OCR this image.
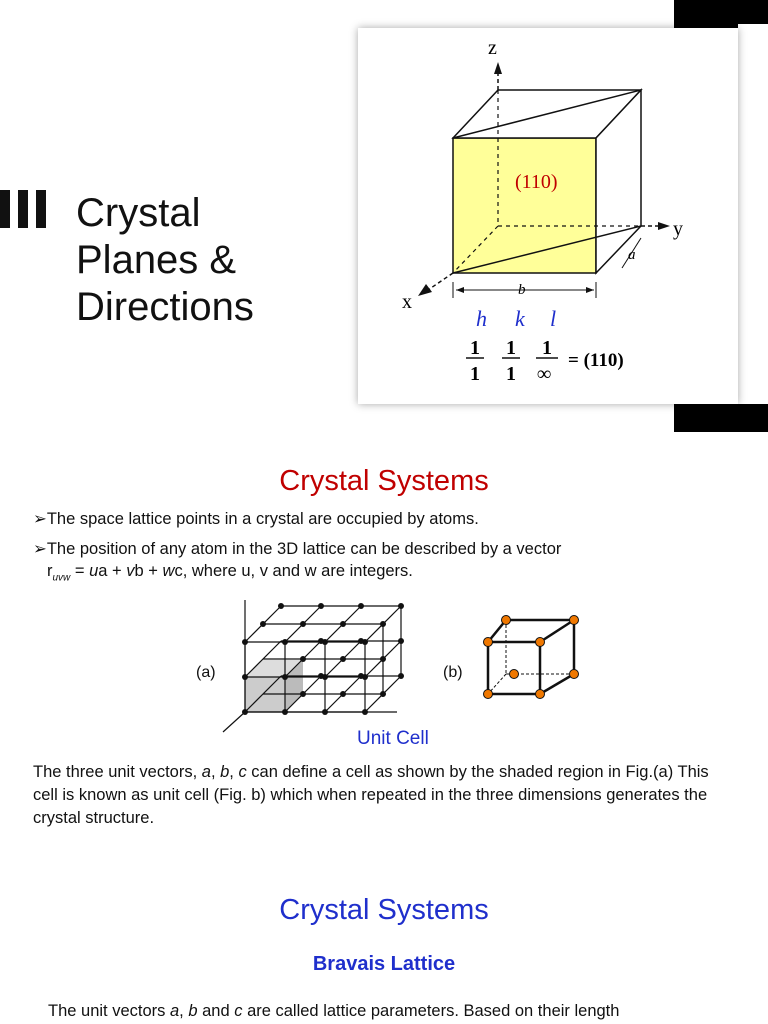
Crystal
Planes &
Directions
z
y
x
a
b
(110)
h k l
1 1 1
1 1 ∞
= (110)
Crystal Systems
➢The space lattice points in a crystal are occupied by atoms.
➢The position of any atom in the 3D lattice can be described by a vector
$r_{uvw}$ = ua + vb + wc, where u, v and w are integers.
(a)	(b)
Unit Cell
The three unit vectors, a, b, c can define a cell as shown by the shaded region in Fig.(a) This cell is known as unit cell (Fig. b) which when repeated in the three dimensions generates the crystal structure.
Crystal Systems
Bravais Lattice
The unit vectors a, b and c are called lattice parameters. Based on their length
